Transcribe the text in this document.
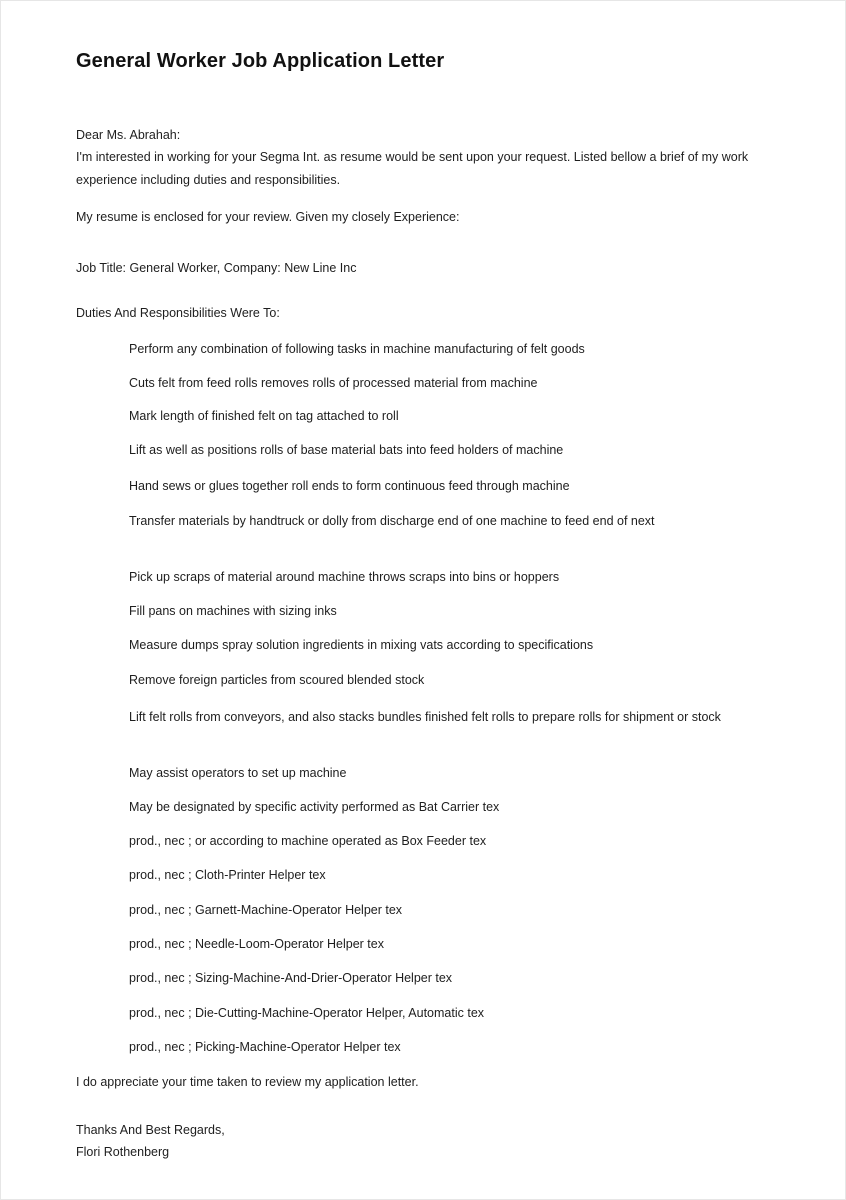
General Worker Job Application Letter
Dear Ms. Abrahah:
I'm interested in working for your Segma Int. as resume would be sent upon your request. Listed bellow a brief of my work experience including duties and responsibilities.
My resume is enclosed for your review. Given my closely Experience:
Job Title: General Worker, Company: New Line Inc
Duties And Responsibilities Were To:
Perform any combination of following tasks in machine manufacturing of felt goods
Cuts felt from feed rolls removes rolls of processed material from machine
Mark length of finished felt on tag attached to roll
Lift as well as positions rolls of base material bats into feed holders of machine
Hand sews or glues together roll ends to form continuous feed through machine
Transfer materials by handtruck or dolly from discharge end of one machine to feed end of next
Pick up scraps of material around machine throws scraps into bins or hoppers
Fill pans on machines with sizing inks
Measure dumps spray solution ingredients in mixing vats according to specifications
Remove foreign particles from scoured blended stock
Lift felt rolls from conveyors, and also stacks bundles finished felt rolls to prepare rolls for shipment or stock
May assist operators to set up machine
May be designated by specific activity performed as Bat Carrier tex
prod., nec ; or according to machine operated as Box Feeder tex
prod., nec ; Cloth-Printer Helper tex
prod., nec ; Garnett-Machine-Operator Helper tex
prod., nec ; Needle-Loom-Operator Helper tex
prod., nec ; Sizing-Machine-And-Drier-Operator Helper tex
prod., nec ; Die-Cutting-Machine-Operator Helper, Automatic tex
prod., nec ; Picking-Machine-Operator Helper tex
I do appreciate your time taken to review my application letter.
Thanks And Best Regards,
Flori Rothenberg
